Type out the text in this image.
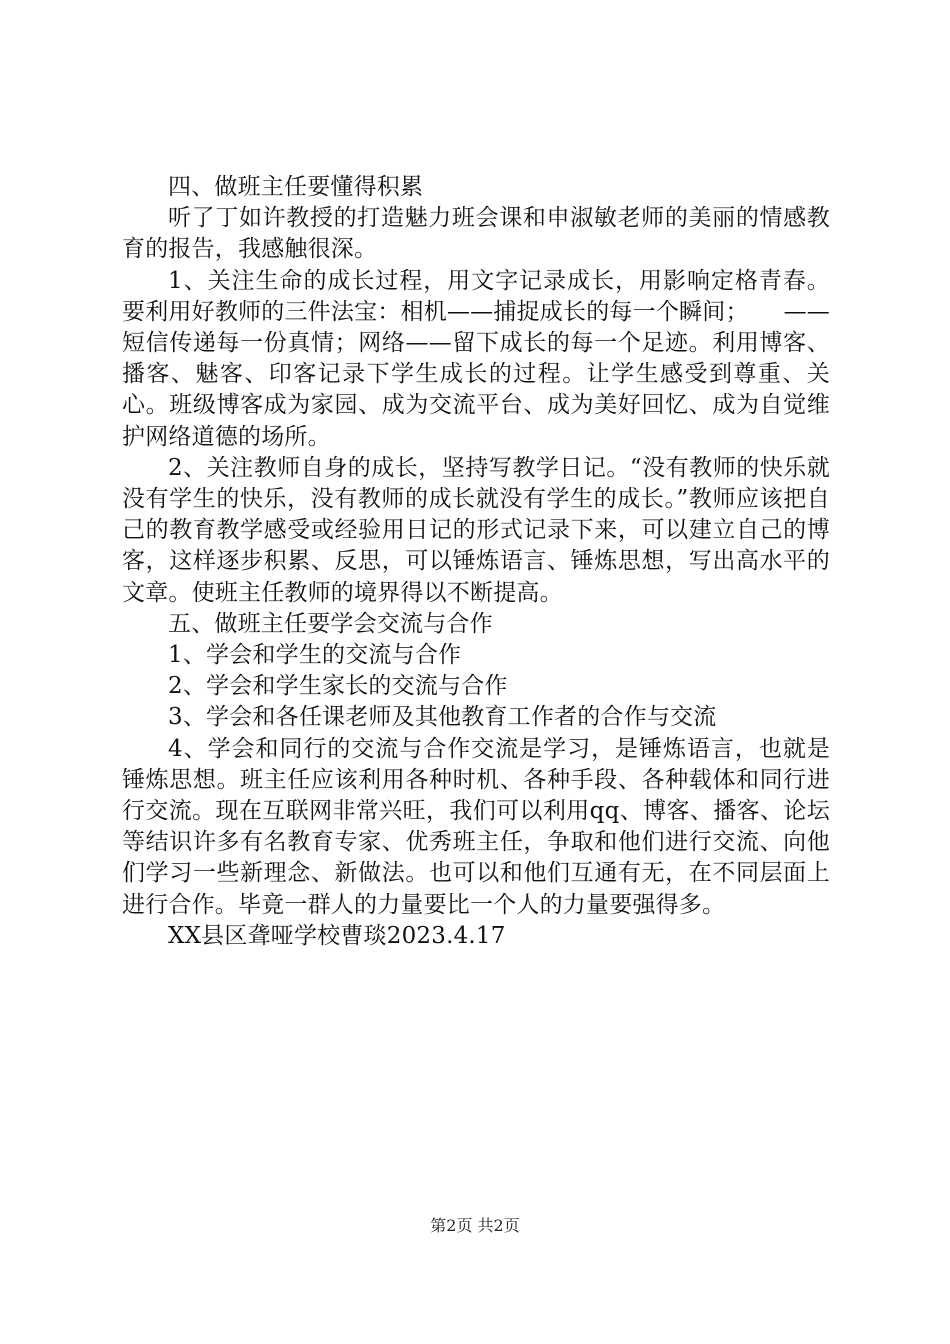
四、做班主任要懂得积累

听了丁如许教授的打造魅力班会课和申淑敏老师的美丽的情感教育的报告，我感触很深。

1、关注生命的成长过程，用文字记录成长，用影响定格青春。要利用好教师的三件法宝：相机——捕捉成长的每一个瞬间；　　——短信传递每一份真情；网络——留下成长的每一个足迹。利用博客、播客、魅客、印客记录下学生成长的过程。让学生感受到尊重、关心。班级博客成为家园、成为交流平台、成为美好回忆、成为自觉维护网络道德的场所。

2、关注教师自身的成长，坚持写教学日记。“没有教师的快乐就没有学生的快乐，没有教师的成长就没有学生的成长。”教师应该把自己的教育教学感受或经验用日记的形式记录下来，可以建立自己的博客，这样逐步积累、反思，可以锤炼语言、锤炼思想，写出高水平的文章。使班主任教师的境界得以不断提高。

五、做班主任要学会交流与合作

1、学会和学生的交流与合作

2、学会和学生家长的交流与合作

3、学会和各任课老师及其他教育工作者的合作与交流

4、学会和同行的交流与合作交流是学习，是锤炼语言，也就是锤炼思想。班主任应该利用各种时机、各种手段、各种载体和同行进行交流。现在互联网非常兴旺，我们可以利用qq、博客、播客、论坛等结识许多有名教育专家、优秀班主任，争取和他们进行交流、向他们学习一些新理念、新做法。也可以和他们互通有无，在不同层面上进行合作。毕竟一群人的力量要比一个人的力量要强得多。

XX县区聋哑学校曹琰2023.4.17

第2页 共2页
